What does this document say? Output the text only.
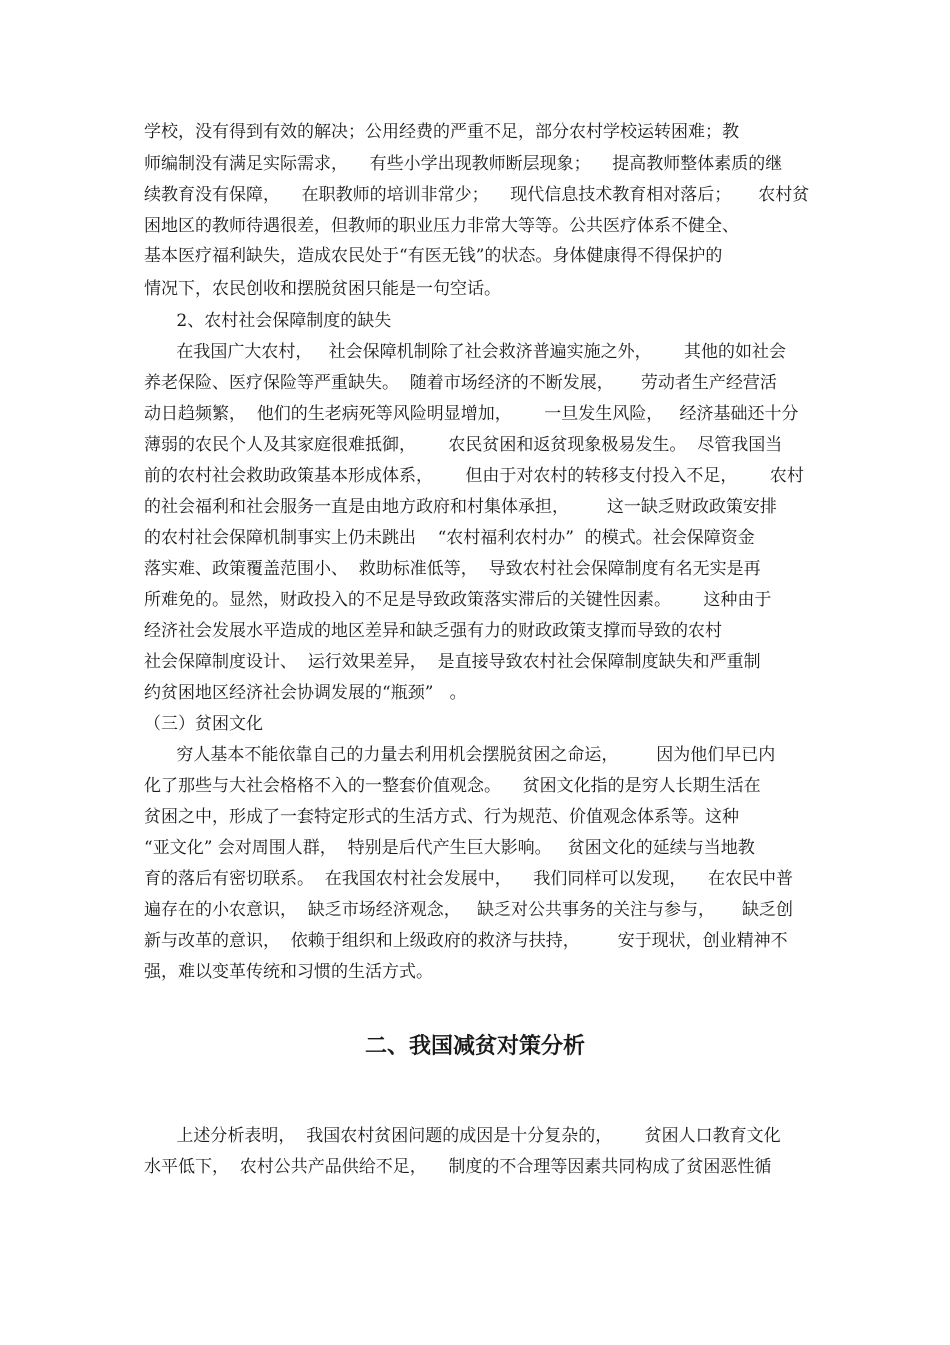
学校，没有得到有效的解决；公用经费的严重不足，部分农村学校运转困难；教

师编制没有满足实际需求，    有些小学出现教师断层现象；    提高教师整体素质的继

续教育没有保障，    在职教师的培训非常少；    现代信息技术教育相对落后；     农村贫

困地区的教师待遇很差，但教师的职业压力非常大等等。公共医疗体系不健全、

基本医疗福利缺失，造成农民处于“有医无钱”的状态。身体健康得不得保护的

情况下，农民创收和摆脱贫困只能是一句空话。

2、农村社会保障制度的缺失

在我国广大农村，   社会保障机制除了社会救济普遍实施之外，      其他的如社会

养老保险、医疗保险等严重缺失。  随着市场经济的不断发展，     劳动者生产经营活

动日趋频繁，  他们的生老病死等风险明显增加，      一旦发生风险，   经济基础还十分

薄弱的农民个人及其家庭很难抵御，      农民贫困和返贫现象极易发生。  尽管我国当

前的农村社会救助政策基本形成体系，      但由于对农村的转移支付投入不足，      农村

的社会福利和社会服务一直是由地方政府和村集体承担，       这一缺乏财政政策安排

的农村社会保障机制事实上仍未跳出    “农村福利农村办”  的模式。社会保障资金

落实难、政策覆盖范围小、  救助标准低等，  导致农村社会保障制度有名无实是再

所难免的。显然，财政投入的不足是导致政策落实滞后的关键性因素。      这种由于

经济社会发展水平造成的地区差异和缺乏强有力的财政政策支撑而导致的农村

社会保障制度设计、  运行效果差异，  是直接导致农村社会保障制度缺失和严重制

约贫困地区经济社会协调发展的“瓶颈”   。

（三）贫困文化

穷人基本不能依靠自己的力量去利用机会摆脱贫困之命运，       因为他们早已内

化了那些与大社会格格不入的一整套价值观念。    贫困文化指的是穷人长期生活在

贫困之中，形成了一套特定形式的生活方式、行为规范、价值观念体系等。这种

“亚文化” 会对周围人群，  特别是后代产生巨大影响。   贫困文化的延续与当地教

育的落后有密切联系。  在我国农村社会发展中，    我们同样可以发现，    在农民中普

遍存在的小农意识，  缺乏市场经济观念，   缺乏对公共事务的关注与参与，     缺乏创

新与改革的意识，  依赖于组织和上级政府的救济与扶持，       安于现状，创业精神不

强，难以变革传统和习惯的生活方式。

二、我国减贫对策分析

上述分析表明，  我国农村贫困问题的成因是十分复杂的，      贫困人口教育文化

水平低下，  农村公共产品供给不足，    制度的不合理等因素共同构成了贫困恶性循
